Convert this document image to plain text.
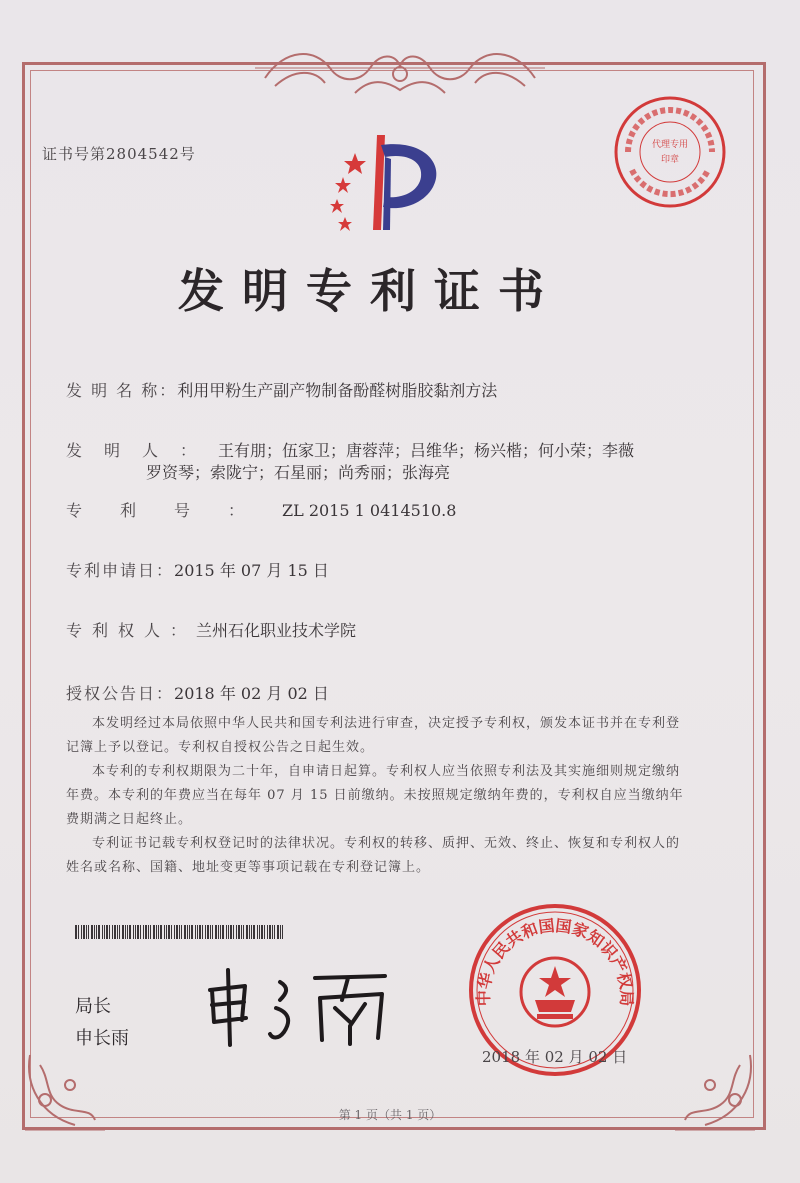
证书号第2804542号	代理专用
印章
发明专利证书
发 明 名 称：利用甲粉生产副产物制备酚醛树脂胶黏剂方法
发明人：王有朋；伍家卫；唐蓉萍；吕维华；杨兴楷；何小荣；李薇
罗资琴；索陇宁；石星丽；尚秀丽；张海亮
专利号：ZL 2015 1 0414510.8
专利申请日：2015 年 07 月 15 日
专利权人：兰州石化职业技术学院
授权公告日：2018 年 02 月 02 日

本发明经过本局依照中华人民共和国专利法进行审查，决定授予专利权，颁发本证书并在专利登记簿上予以登记。专利权自授权公告之日起生效。

本专利的专利权期限为二十年，自申请日起算。专利权人应当依照专利法及其实施细则规定缴纳年费。本专利的年费应当在每年 07 月 15 日前缴纳。未按照规定缴纳年费的，专利权自应当缴纳年费期满之日起终止。

专利证书记载专利权登记时的法律状况。专利权的转移、质押、无效、终止、恢复和专利权人的姓名或名称、国籍、地址变更等事项记载在专利登记簿上。

局长
申长雨
中华人民共和国国家知识产权局
2018 年 02 月 02 日
第 1 页（共 1 页）
